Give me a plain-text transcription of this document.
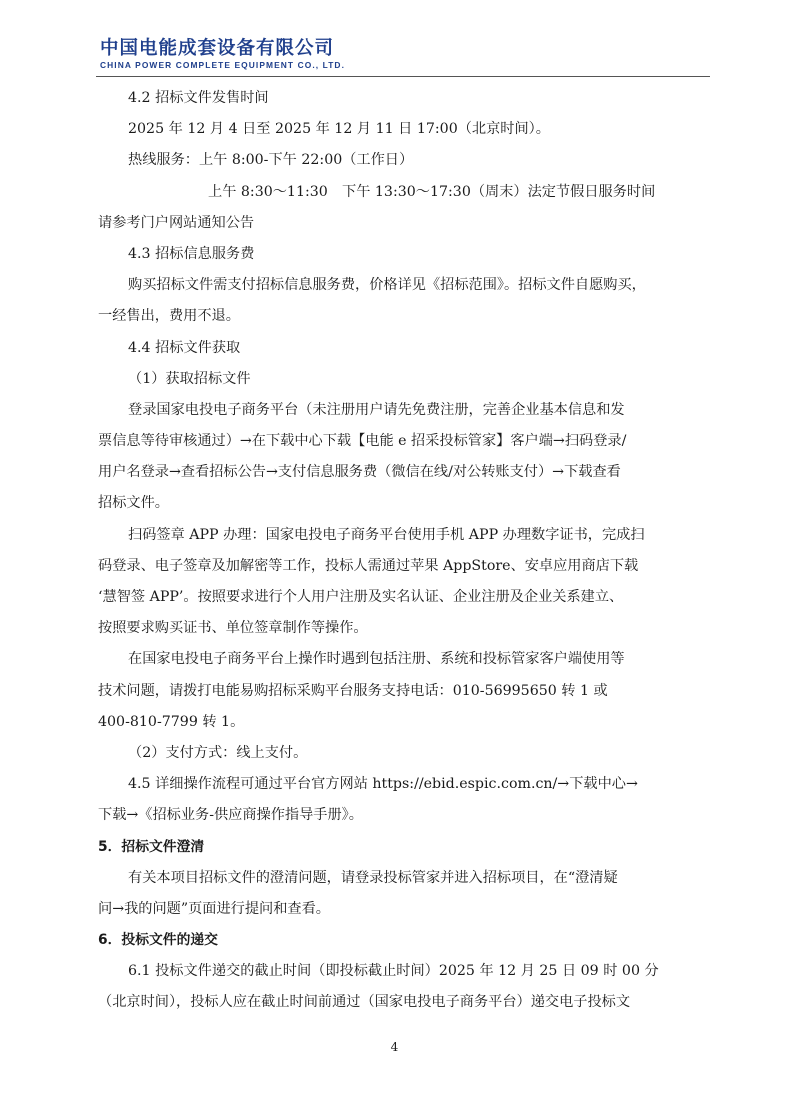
中国电能成套设备有限公司
CHINA POWER COMPLETE EQUIPMENT CO., LTD.
4.2 招标文件发售时间
2025 年 12 月 4 日至 2025 年 12 月 11 日 17:00（北京时间）。
热线服务：上午 8:00-下午 22:00（工作日）
上午 8:30～11:30　下午 13:30～17:30（周末）法定节假日服务时间
请参考门户网站通知公告
4.3 招标信息服务费
购买招标文件需支付招标信息服务费，价格详见《招标范围》。招标文件自愿购买，
一经售出，费用不退。
4.4 招标文件获取
（1）获取招标文件
登录国家电投电子商务平台（未注册用户请先免费注册，完善企业基本信息和发
票信息等待审核通过）→在下载中心下载【电能 e 招采投标管家】客户端→扫码登录/
用户名登录→查看招标公告→支付信息服务费（微信在线/对公转账支付）→下载查看
招标文件。
扫码签章 APP 办理：国家电投电子商务平台使用手机 APP 办理数字证书，完成扫
码登录、电子签章及加解密等工作，投标人需通过苹果 AppStore、安卓应用商店下载
‘慧智签 APP’。按照要求进行个人用户注册及实名认证、企业注册及企业关系建立、
按照要求购买证书、单位签章制作等操作。
在国家电投电子商务平台上操作时遇到包括注册、系统和投标管家客户端使用等
技术问题，请拨打电能易购招标采购平台服务支持电话：010-56995650 转 1 或
400-810-7799 转 1。
（2）支付方式：线上支付。
4.5 详细操作流程可通过平台官方网站 https://ebid.espic.com.cn/→下载中心→
下载→《招标业务-供应商操作指导手册》。
5．招标文件澄清
有关本项目招标文件的澄清问题，请登录投标管家并进入招标项目，在“澄清疑
问→我的问题”页面进行提问和查看。
6．投标文件的递交
6.1 投标文件递交的截止时间（即投标截止时间）2025 年 12 月 25 日 09 时 00 分
（北京时间），投标人应在截止时间前通过（国家电投电子商务平台）递交电子投标文
4
